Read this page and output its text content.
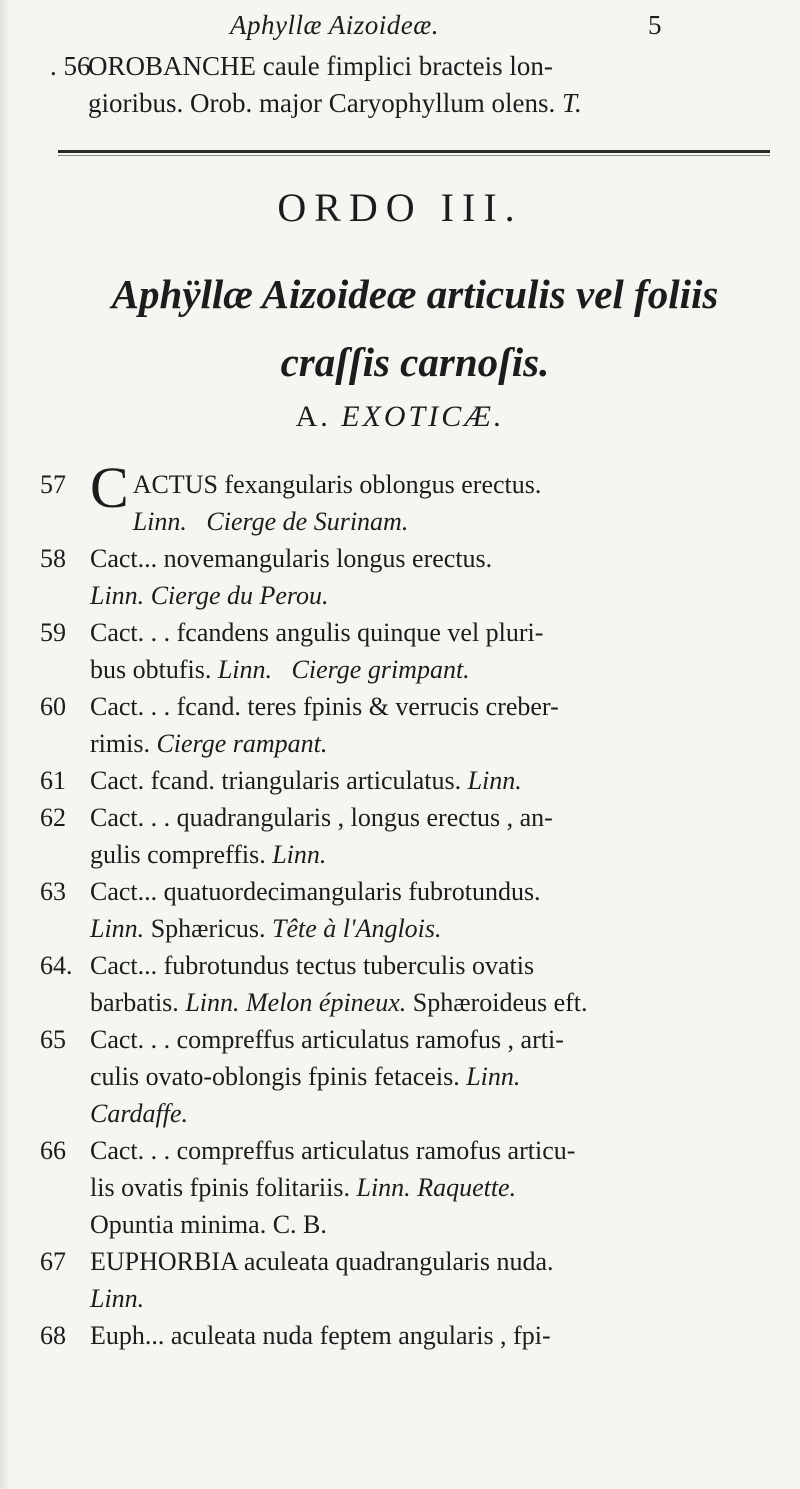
Aphyllæ Aizoideæ.	5
. 56
OROBANCHE caule fimplici bracteis lon-
gioribus. Orob. major Caryophyllum olens. T.
ORDO III.
Aphÿllæ Aizoideæ articulis vel foliis
craſſis carnoſis.
A. EXOTICÆ.
57 C ACTUS fexangularis oblongus erectus.
Linn. Cierge de Surinam.
58 Cact... novemangularis longus erectus.
Linn. Cierge du Perou.
59 Cact. . . fcandens angulis quinque vel pluri-
bus obtufis. Linn. Cierge grimpant.
60 Cact. . . fcand. teres fpinis & verrucis creber-
rimis. Cierge rampant.
61 Cact. fcand. triangularis articulatus. Linn.
62 Cact. . . quadrangularis , longus erectus , an-
gulis compreffis. Linn.
63 Cact... quatuordecimangularis fubrotundus.
Linn. Sphæricus. Tête à l'Anglois.
64. Cact... fubrotundus tectus tuberculis ovatis
barbatis. Linn. Melon épineux. Sphæroideus eft.
65 Cact. . . compreffus articulatus ramofus , arti-
culis ovato-oblongis fpinis fetaceis. Linn.
Cardaffe.
66 Cact. . . compreffus articulatus ramofus articu-
lis ovatis fpinis folitariis. Linn. Raquette.
Opuntia minima. C. B.
67 EUPHORBIA aculeata quadrangularis nuda.
Linn.
68 Euph... aculeata nuda feptem angularis , fpi-
